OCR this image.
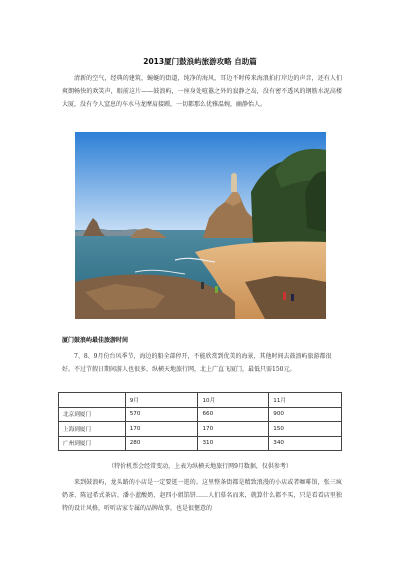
2013厦门鼓浪屿旅游攻略 自助篇

清新的空气，经典的建筑，蜿蜒的街道，纯净的海风，耳边不时传来海浪拍打岸边的声音，还有人们爽朗畅快的欢笑声，眼前这片——鼓浪屿，一座身处喧嚣之外的寂静之岛，没有密不透风的钢筋水泥高楼大厦，没有令人窒息的车水马龙摩肩接踵，一切都那么优雅温婉，幽静怡人。

厦门鼓浪屿最佳旅游时间

7、8、9月份台风季节，海边的船全部停开，不能欣赏到优美的海景，其他时间去鼓浪屿旅游都很好。不过节假日期间游人也很多，纵横天地旅行网，北上广直飞厦门，最低只需150元。

	9月	10月	11月
北京到厦门	570	660	900
上海到厦门	170	170	150
广州到厦门	280	310	340
（特价机票会经常变动，上表为纵横天地旅行网9月数据，仅供参考）

来到鼓浪屿，龙头路的小店是一定要逛一逛的。这里整条街都是精致浪漫的小店或者咖啡馆，张三疯奶茶、陈冠希式茶店、潘小蓝酸奶、赵四小姐馅饼……人们慕名而来，就算什么都不买，只是看看店里独特的设计风格，听听店家专属的品牌故事，也是很惬意的
